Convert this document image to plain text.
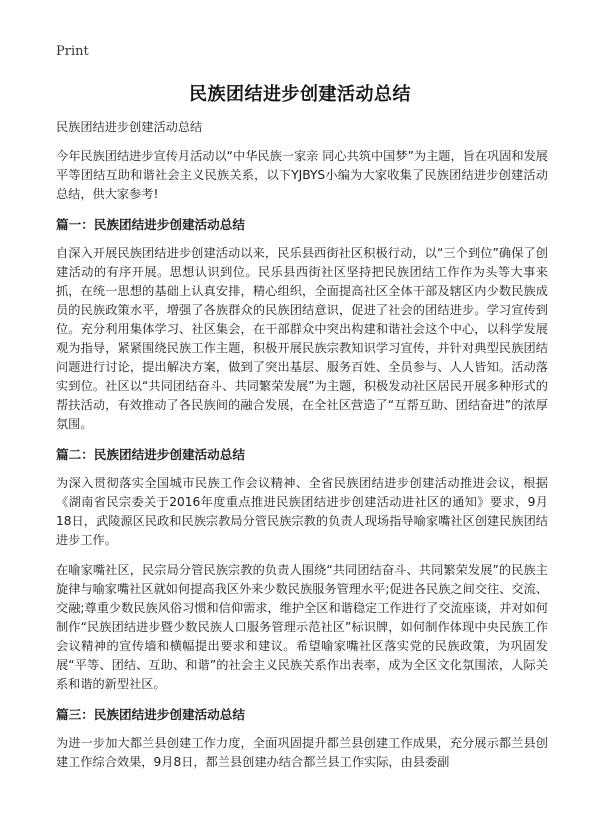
Print
民族团结进步创建活动总结

民族团结进步创建活动总结

今年民族团结进步宣传月活动以“中华民族一家亲 同心共筑中国梦”为主题，旨在巩固和发展平等团结互助和谐社会主义民族关系，以下YJBYS小编为大家收集了民族团结进步创建活动总结，供大家参考!

篇一：民族团结进步创建活动总结

自深入开展民族团结进步创建活动以来，民乐县西街社区积极行动，以“三个到位”确保了创建活动的有序开展。思想认识到位。民乐县西街社区坚持把民族团结工作作为头等大事来抓，在统一思想的基础上认真安排，精心组织，全面提高社区全体干部及辖区内少数民族成员的民族政策水平，增强了各族群众的民族团结意识，促进了社会的团结进步。学习宣传到位。充分利用集体学习、社区集会，在干部群众中突出构建和谐社会这个中心，以科学发展观为指导，紧紧围绕民族工作主题，积极开展民族宗教知识学习宣传，并针对典型民族团结问题进行讨论，提出解决方案，做到了突出基层、服务百姓、全员参与、人人皆知。活动落实到位。社区以“共同团结奋斗、共同繁荣发展”为主题，积极发动社区居民开展多种形式的帮扶活动，有效推动了各民族间的融合发展，在全社区营造了“互帮互助、团结奋进”的浓厚氛围。

篇二：民族团结进步创建活动总结

为深入贯彻落实全国城市民族工作会议精神、全省民族团结进步创建活动推进会议，根据《湖南省民宗委关于2016年度重点推进民族团结进步创建活动进社区的通知》要求，9月18日，武陵源区民政和民族宗教局分管民族宗教的负责人现场指导喻家嘴社区创建民族团结进步工作。

在喻家嘴社区，民宗局分管民族宗教的负责人围绕“共同团结奋斗、共同繁荣发展”的民族主旋律与喻家嘴社区就如何提高我区外来少数民族服务管理水平;促进各民族之间交往、交流、交融;尊重少数民族风俗习惯和信仰需求，维护全区和谐稳定工作进行了交流座谈，并对如何制作“民族团结进步暨少数民族人口服务管理示范社区”标识牌，如何制作体现中央民族工作会议精神的宣传墙和横幅提出要求和建议。希望喻家嘴社区落实党的民族政策，为巩固发展“平等、团结、互助、和谐”的社会主义民族关系作出表率，成为全区文化氛围浓，人际关系和谐的新型社区。

篇三：民族团结进步创建活动总结

为进一步加大都兰县创建工作力度，全面巩固提升都兰县创建工作成果，充分展示都兰县创建工作综合效果，9月8日，都兰县创建办结合都兰县工作实际，由县委副
